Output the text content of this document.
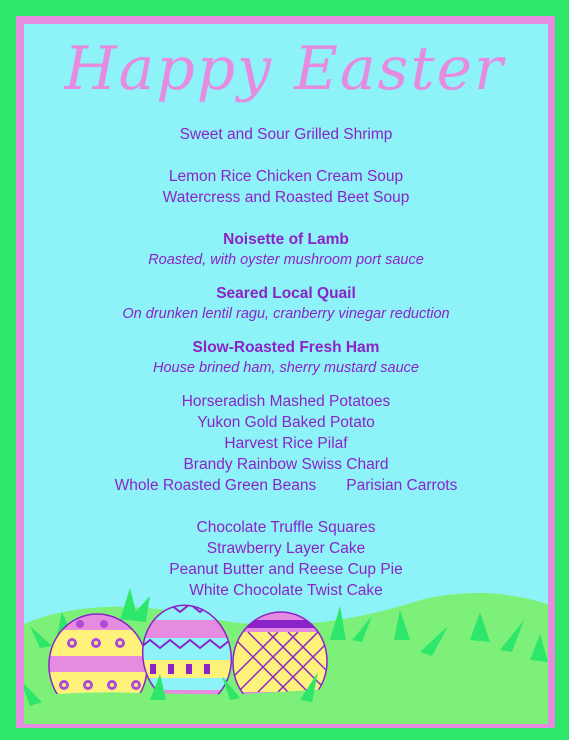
Happy Easter
Sweet and Sour Grilled Shrimp
Lemon Rice Chicken Cream Soup
Watercress and Roasted Beet Soup
Noisette of Lamb
Roasted, with oyster mushroom port sauce
Seared Local Quail
On drunken lentil ragu, cranberry vinegar reduction
Slow-Roasted Fresh Ham
House brined ham, sherry mustard sauce
Horseradish Mashed Potatoes
Yukon Gold Baked Potato
Harvest Rice Pilaf
Brandy Rainbow Swiss Chard
Whole Roasted Green Beans Parisian Carrots
Chocolate Truffle Squares
Strawberry Layer Cake
Peanut Butter and Reese Cup Pie
White Chocolate Twist Cake
